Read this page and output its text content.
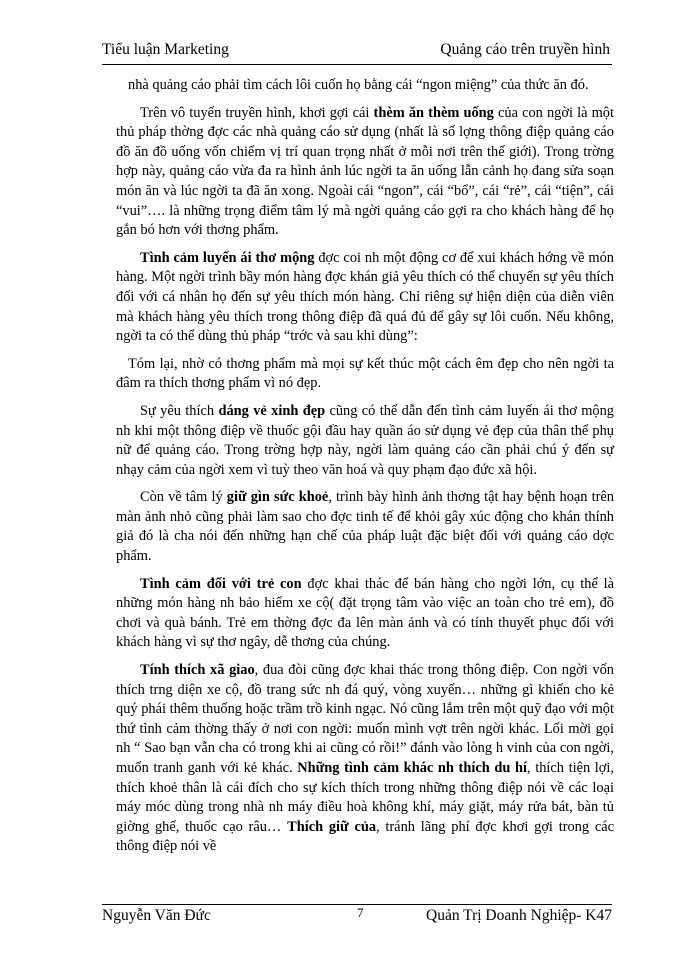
Tiểu luận Marketing	Quảng cáo trên truyền hình

nhà quảng cáo phải tìm cách lôi cuốn họ bằng cái “ngon miệng” của thức ăn đó.

Trên vô tuyến truyền hình, khơi gợi cái thèm ăn thèm uống của con ngời là một thủ pháp thờng đợc các nhà quảng cáo sử dụng (nhất là số lợng thông điệp quảng cáo đồ ăn đồ uống vốn chiếm vị trí quan trọng nhất ở mỗi nơi trên thế giới). Trong trờng hợp này, quảng cáo vừa đa ra hình ảnh lúc ngời ta ăn uống lẫn cảnh họ đang sửa soạn món ăn và lúc ngời ta đã ăn xong. Ngoài cái “ngon”, cái “bổ”, cái “rẻ”, cái “tiện”, cái “vui”…. là những trọng điểm tâm lý mà ngời quảng cáo gợi ra cho khách hàng để họ gắn bó hơn với thơng phẩm.

Tình cảm luyến ái thơ mộng đợc coi nh một động cơ để xui khách hớng về món hàng. Một ngời trình bầy món hàng đợc khán giả yêu thích có thể chuyển sự yêu thích đối với cá nhân họ đến sự yêu thích món hàng. Chỉ riêng sự hiện diện của diễn viên mà khách hàng yêu thích trong thông điệp đã quá đủ để gây sự lôi cuốn. Nếu không, ngời ta có thể dùng thủ pháp “trớc và sau khi dùng”:

Tóm lại, nhờ có thơng phẩm mà mọi sự kết thúc một cách êm đẹp cho nên ngời ta đâm ra thích thơng phẩm vì nó đẹp.

Sự yêu thích dáng vẻ xinh đẹp cũng có thể dẫn đến tình cảm luyến ái thơ mộng nh khi một thông điệp về thuốc gội đầu hay quần áo sử dụng vẻ đẹp của thân thể phụ nữ để quảng cáo. Trong trờng hợp này, ngời làm quảng cáo cần phải chú ý đến sự nhạy cảm của ngời xem vì tuỳ theo văn hoá và quy phạm đạo đức xã hội.

Còn về tâm lý giữ gìn sức khoẻ, trình bày hình ảnh thơng tật hay bệnh hoạn trên màn ảnh nhỏ cũng phải làm sao cho đợc tinh tế để khỏi gây xúc động cho khán thính giả đó là cha nói đến những hạn chế của pháp luật đặc biệt đối với quảng cáo dợc phẩm.

Tình cảm đối với trẻ con đợc khai thác để bán hàng cho ngời lớn, cụ thể là những món hàng nh bảo hiểm xe cộ( đặt trọng tâm vào việc an toàn cho trẻ em), đồ chơi và quà bánh. Trẻ em thờng đợc đa lên màn ảnh và có tính thuyết phục đối với khách hàng vì sự thơ ngây, dễ thơng của chúng.

Tính thích xã giao, đua đòi cũng đợc khai thác trong thông điệp. Con ngời vốn thích trng diện xe cộ, đồ trang sức nh đá quý, vòng xuyến… những gì khiến cho kẻ quý phái thêm thuống hoặc trầm trồ kinh ngạc. Nó cũng lắm trên một quỹ đạo với một thứ tình cảm thờng thấy ở nơi con ngời: muốn mình vợt trên ngời khác. Lối mời gọi nh “ Sao bạn vẫn cha có trong khi ai cũng có rồi!” đánh vào lòng h vinh của con ngời, muốn tranh ganh với kẻ khác. Những tình cảm khác nh thích du hí, thích tiện lợi, thích khoẻ thân là cái đích cho sự kích thích trong những thông điệp nói về các loại máy móc dùng trong nhà nh máy điều hoà không khí, máy giặt, máy rửa bát, bàn tủ giờng ghế, thuốc cạo râu… Thích giữ của, tránh lãng phí đợc khơi gợi trong các thông điệp nói về

Nguyễn Văn Đức	7	Quản Trị Doanh Nghiệp- K47
